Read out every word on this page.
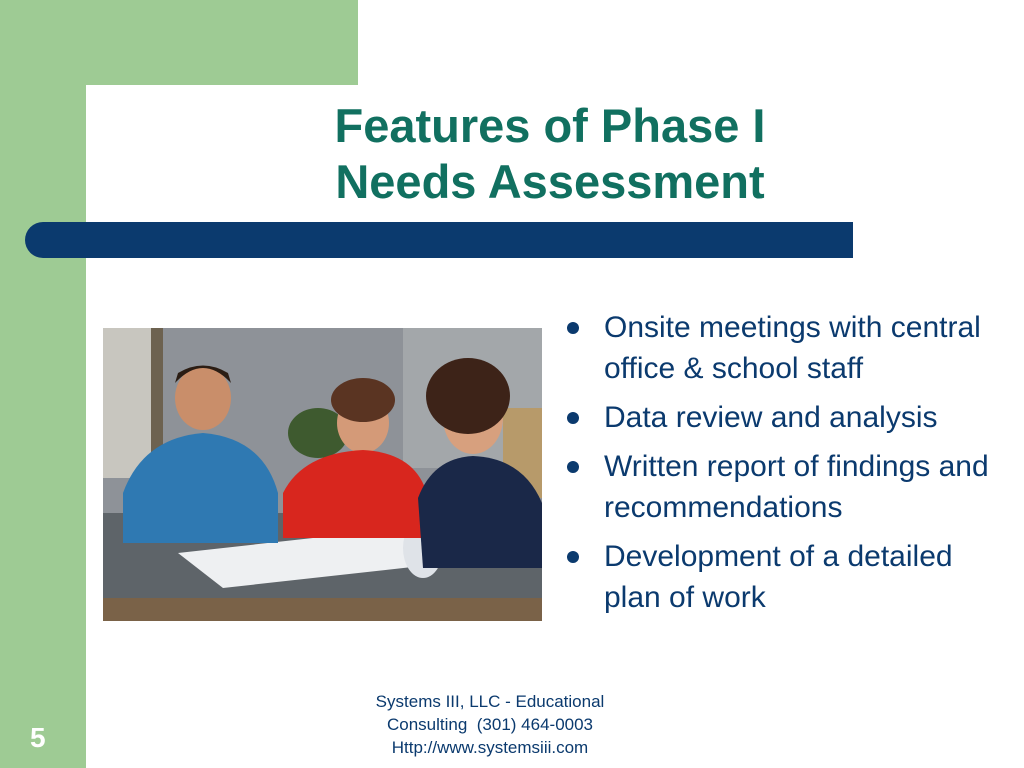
Features of Phase I
Needs Assessment
Onsite meetings with central office & school staff
Data review and analysis
Written report of findings and recommendations
Development of a detailed plan of work
Systems III, LLC - Educational
Consulting  (301) 464-0003
Http://www.systemsiii.com
5
